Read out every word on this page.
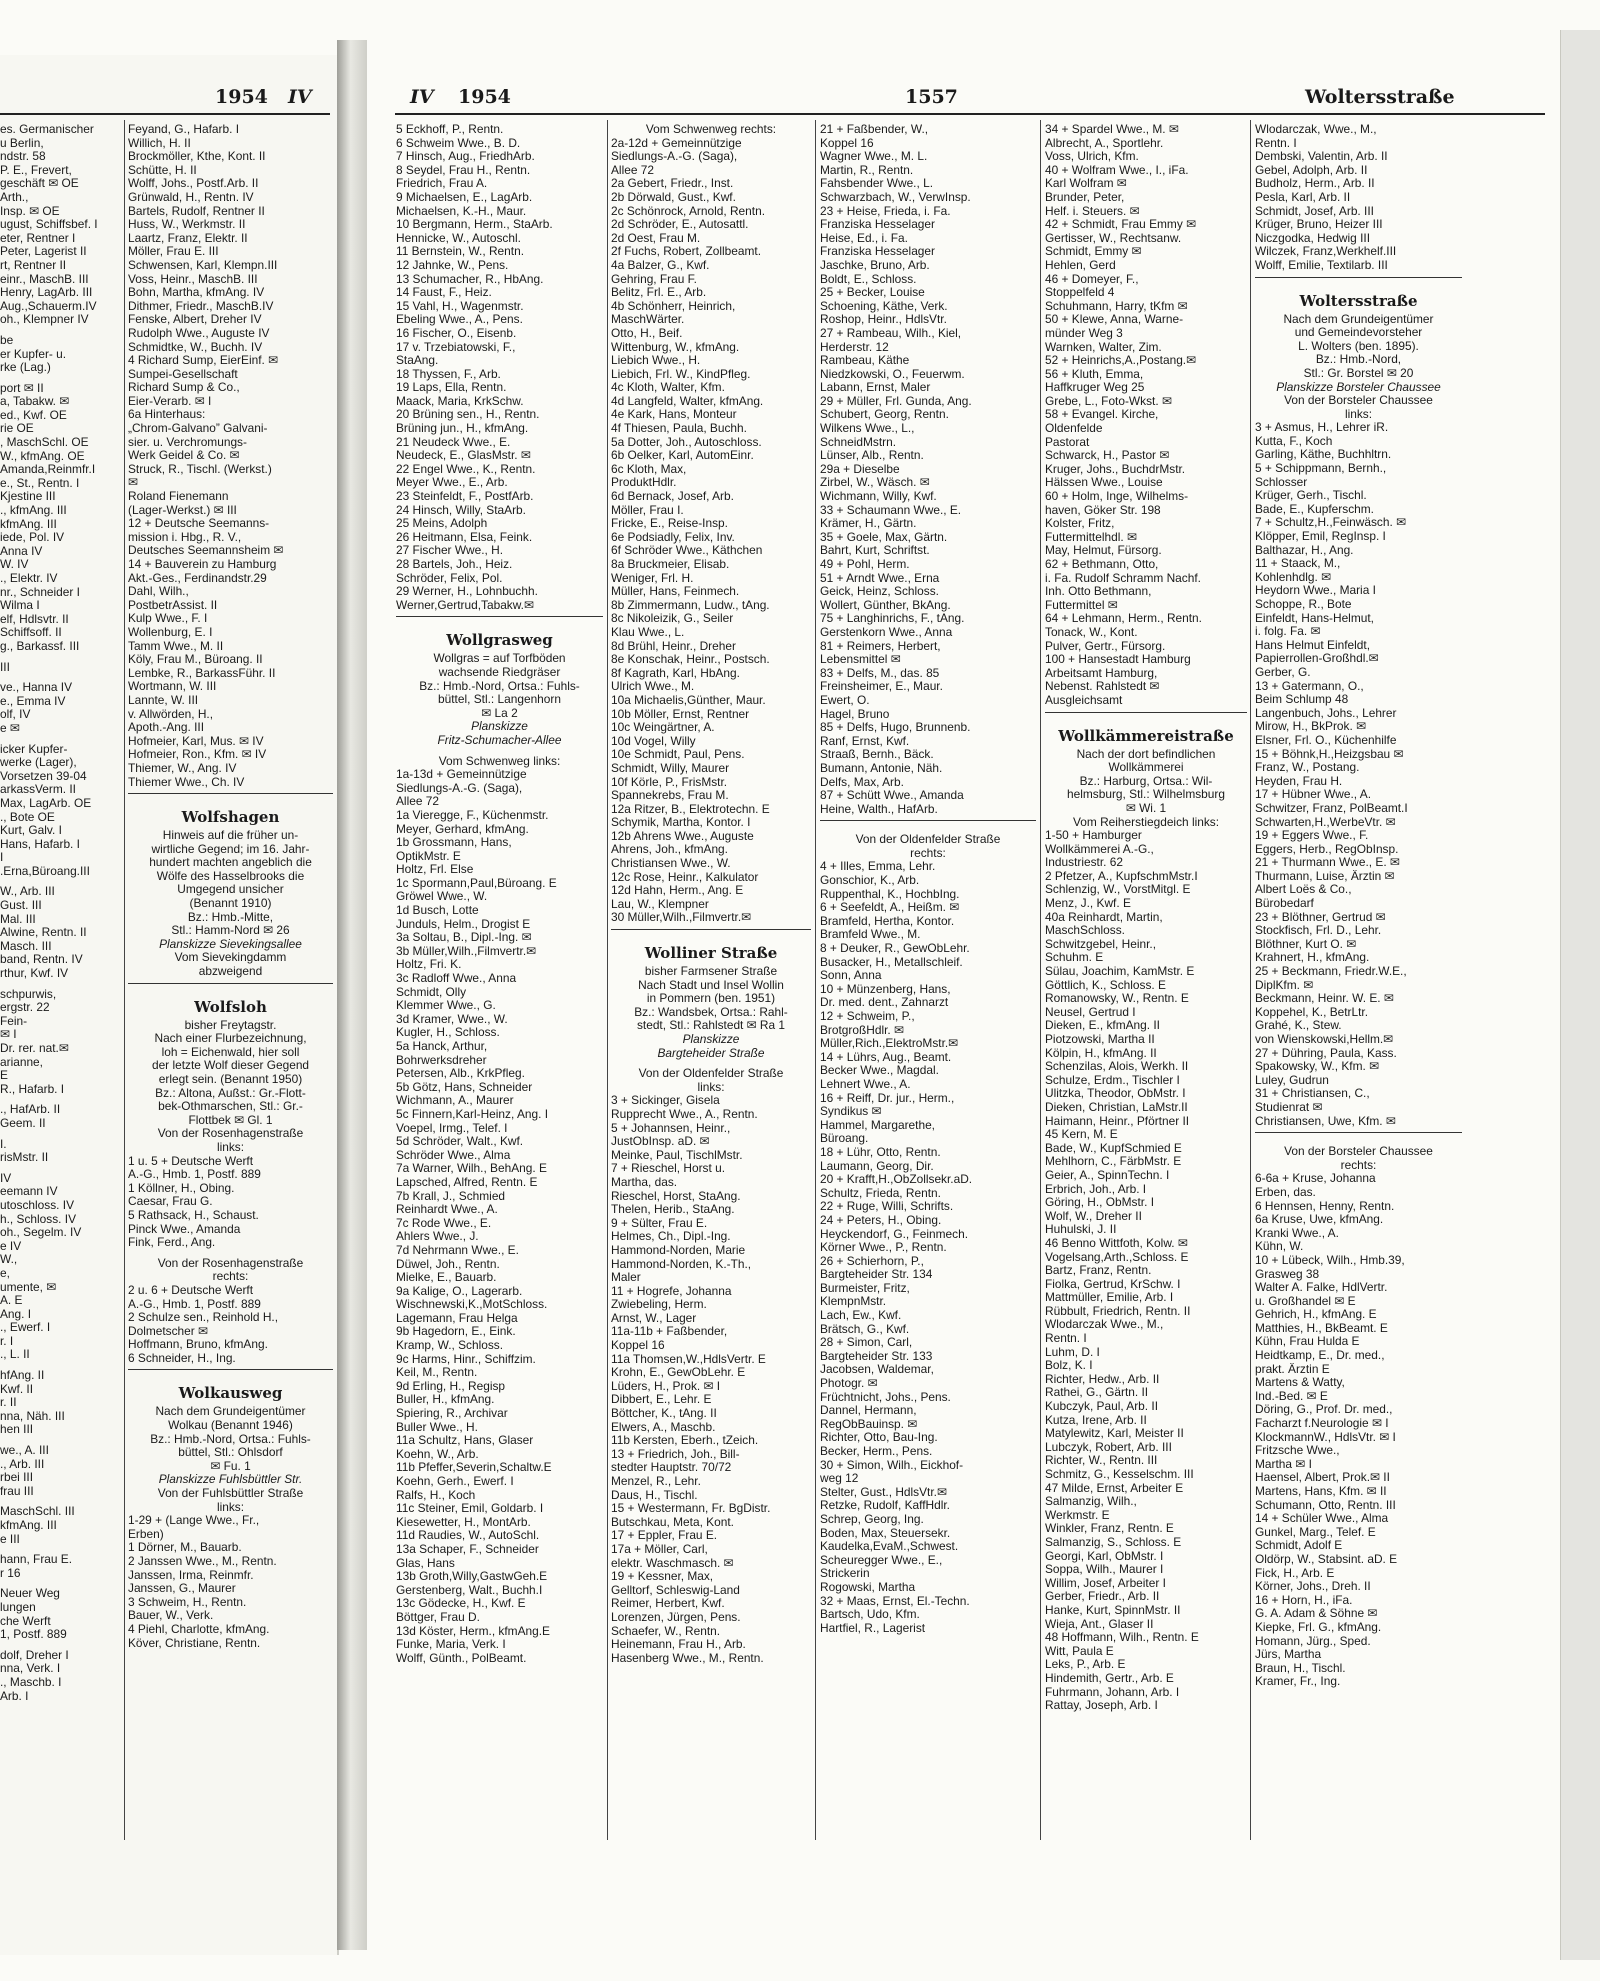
1954 IV	IV 1954	1557	Woltersstraße
es. Germanischer
u Berlin,
ndstr. 58
P. E., Frevert,
geschäft ✉ OE
Arth.,
Insp. ✉ OE
ugust, Schiffsbef. I
eter, Rentner I
Peter, Lagerist II
rt, Rentner II
einr., MaschB. III
Henry, LagArb. III
Aug.,Schauerm.IV
oh., Klempner IV
be
er Kupfer- u.
rke (Lag.)
port ✉ II
a, Tabakw. ✉
ed., Kwf. OE
rie OE
, MaschSchl. OE
W., kfmAng. OE
Amanda,Reinmfr.I
e., St., Rentn. I
Kjestine III
., kfmAng. III
kfmAng. III
iede, Pol. IV
Anna IV
W. IV
., Elektr. IV
nr., Schneider I
Wilma I
elf, Hdlsvtr. II
Schiffsoff. II
g., Barkassf. III
III
ve., Hanna IV
e., Emma IV
olf, IV
e ✉
icker Kupfer-
werke (Lager),
Vorsetzen 39-04
arkassVerm. II
Max, LagArb. OE
., Bote OE
Kurt, Galv. I
Hans, Hafarb. I
I
.Erna,Büroang.III
W., Arb. III
Gust. III
Mal. III
Alwine, Rentn. II
Masch. III
band, Rentn. IV
rthur, Kwf. IV
schpurwis,
ergstr. 22
Fein-
✉ I
Dr. rer. nat.✉
arianne,
E
R., Hafarb. I
., HafArb. II
Geem. II
I.
risMstr. II
IV
eemann IV
utoschloss. IV
h., Schloss. IV
oh., Segelm. IV
e IV
W.,
e,
umente, ✉
A. E
Ang. I
., Ewerf. I
r. I
., L. II
hfAng. II
Kwf. II
r. II
nna, Näh. III
hen III
we., A. III
., Arb. III
rbei III
frau III
MaschSchl. III
kfmAng. III
e III
hann, Frau E.
r 16
Neuer Weg
lungen
che Werft
1, Postf. 889
dolf, Dreher I
nna, Verk. I
., Maschb. I
Arb. I
Feyand, G., Hafarb. I
Willich, H. II
Brockmöller, Kthe, Kont. II
Schütte, H. II
Wolff, Johs., Postf.Arb. II
Grünwald, H., Rentn. IV
Bartels, Rudolf, Rentner II
Huss, W., Werkmstr. II
Laartz, Franz, Elektr. II
Möller, Frau E. III
Schwensen, Karl, Klempn.III
Voss, Heinr., MaschB. III
Bohn, Martha, kfmAng. IV
Dithmer, Friedr., MaschB.IV
Fenske, Albert, Dreher IV
Rudolph Wwe., Auguste IV
Schmidtke, W., Buchh. IV
4 Richard Sump, EierEinf. ✉
Sumpei-Gesellschaft
Richard Sump & Co.,
Eier-Verarb. ✉ I
6a Hinterhaus:
„Chrom-Galvano” Galvani-
sier. u. Verchromungs-
Werk Geidel & Co. ✉
Struck, R., Tischl. (Werkst.)
✉
Roland Fienemann
(Lager-Werkst.) ✉ III
12 + Deutsche Seemanns-
mission i. Hbg., R. V.,
Deutsches Seemannsheim ✉
14 + Bauverein zu Hamburg
Akt.-Ges., Ferdinandstr.29
Dahl, Wilh.,
PostbetrAssist. II
Kulp Wwe., F. I
Wollenburg, E. I
Tamm Wwe., M. II
Köly, Frau M., Büroang. II
Lembke, R., BarkassFühr. II
Wortmann, W. III
Lannte, W. III
v. Allwörden, H.,
Apoth.-Ang. III
Hofmeier, Karl, Mus. ✉ IV
Hofmeier, Ron., Kfm. ✉ IV
Thiemer, W., Ang. IV
Thiemer Wwe., Ch. IV
Wolfshagen
Hinweis auf die früher un-
wirtliche Gegend; im 16. Jahr-
hundert machten angeblich die
Wölfe des Hasselbrooks die
Umgegend unsicher
(Benannt 1910)
Bz.: Hmb.-Mitte,
Stl.: Hamm-Nord ✉ 26
Planskizze Sievekingsallee
Vom Sievekingdamm
abzweigend
Wolfsloh
bisher Freytagstr.
Nach einer Flurbezeichnung,
loh = Eichenwald, hier soll
der letzte Wolf dieser Gegend
erlegt sein. (Benannt 1950)
Bz.: Altona, Außst.: Gr.-Flott-
bek-Othmarschen, Stl.: Gr.-
Flottbek ✉ Gl. 1
Von der Rosenhagenstraße
links:
1 u. 5 + Deutsche Werft
A.-G., Hmb. 1, Postf. 889
1 Köllner, H., Obing.
Caesar, Frau G.
5 Rathsack, H., Schaust.
Pinck Wwe., Amanda
Fink, Ferd., Ang.
Von der Rosenhagenstraße
rechts:
2 u. 6 + Deutsche Werft
A.-G., Hmb. 1, Postf. 889
2 Schulze sen., Reinhold H.,
Dolmetscher ✉
Hoffmann, Bruno, kfmAng.
6 Schneider, H., Ing.
Wolkausweg
Nach dem Grundeigentümer
Wolkau (Benannt 1946)
Bz.: Hmb.-Nord, Ortsa.: Fuhls-
büttel, Stl.: Ohlsdorf
✉ Fu. 1
Planskizze Fuhlsbüttler Str.
Von der Fuhlsbüttler Straße
links:
1-29 + (Lange Wwe., Fr.,
Erben)
1 Dörner, M., Bauarb.
2 Janssen Wwe., M., Rentn.
Janssen, Irma, Reinmfr.
Janssen, G., Maurer
3 Schweim, H., Rentn.
Bauer, W., Verk.
4 Piehl, Charlotte, kfmAng.
Köver, Christiane, Rentn.
5 Eckhoff, P., Rentn.
6 Schweim Wwe., B. D.
7 Hinsch, Aug., FriedhArb.
8 Seydel, Frau H., Rentn.
Friedrich, Frau A.
9 Michaelsen, E., LagArb.
Michaelsen, K.-H., Maur.
10 Bergmann, Herm., StaArb.
Hennicke, W., Autoschl.
11 Bernstein, W., Rentn.
12 Jahnke, W., Pens.
13 Schumacher, R., HbAng.
14 Faust, F., Heiz.
15 Vahl, H., Wagenmstr.
Ebeling Wwe., A., Pens.
16 Fischer, O., Eisenb.
17 v. Trzebiatowski, F.,
StaAng.
18 Thyssen, F., Arb.
19 Laps, Ella, Rentn.
Maack, Maria, KrkSchw.
20 Brüning sen., H., Rentn.
Brüning jun., H., kfmAng.
21 Neudeck Wwe., E.
Neudeck, E., GlasMstr. ✉
22 Engel Wwe., K., Rentn.
Meyer Wwe., E., Arb.
23 Steinfeldt, F., PostfArb.
24 Hinsch, Willy, StaArb.
25 Meins, Adolph
26 Heitmann, Elsa, Feink.
27 Fischer Wwe., H.
28 Bartels, Joh., Heiz.
Schröder, Felix, Pol.
29 Werner, H., Lohnbuchh.
Werner,Gertrud,Tabakw.✉
Wollgrasweg
Wollgras = auf Torfböden
wachsende Riedgräser
Bz.: Hmb.-Nord, Ortsa.: Fuhls-
büttel, Stl.: Langenhorn
✉ La 2
Planskizze
Fritz-Schumacher-Allee
Vom Schwenweg links:
1a-13d + Gemeinnützige
Siedlungs-A.-G. (Saga),
Allee 72
1a Vieregge, F., Küchenmstr.
Meyer, Gerhard, kfmAng.
1b Grossmann, Hans,
OptikMstr. E
Holtz, Frl. Else
1c Spormann,Paul,Büroang. E
Gröwel Wwe., W.
1d Busch, Lotte
Junduls, Helm., Drogist E
3a Soltau, B., Dipl.-Ing. ✉
3b Müller,Wilh.,Filmvertr.✉
Holtz, Fri. K.
3c Radloff Wwe., Anna
Schmidt, Olly
Klemmer Wwe., G.
3d Kramer, Wwe., W.
Kugler, H., Schloss.
5a Hanck, Arthur,
Bohrwerksdreher
Petersen, Alb., KrkPfleg.
5b Götz, Hans, Schneider
Wichmann, A., Maurer
5c Finnern,Karl-Heinz, Ang. I
Voepel, Irmg., Telef. I
5d Schröder, Walt., Kwf.
Schröder Wwe., Alma
7a Warner, Wilh., BehAng. E
Lapsched, Alfred, Rentn. E
7b Krall, J., Schmied
Reinhardt Wwe., A.
7c Rode Wwe., E.
Ahlers Wwe., J.
7d Nehrmann Wwe., E.
Düwel, Joh., Rentn.
Mielke, E., Bauarb.
9a Kalige, O., Lagerarb.
Wischnewski,K.,MotSchloss.
Lagemann, Frau Helga
9b Hagedorn, E., Eink.
Kramp, W., Schloss.
9c Harms, Hinr., Schiffzim.
Keil, M., Rentn.
9d Erling, H., Regisp
Buller, H., kfmAng.
Spiering, R., Archivar
Buller Wwe., H.
11a Schultz, Hans, Glaser
Koehn, W., Arb.
11b Pfeffer,Severin,Schaltw.E
Koehn, Gerh., Ewerf. I
Ralfs, H., Koch
11c Steiner, Emil, Goldarb. I
Kiesewetter, H., MontArb.
11d Raudies, W., AutoSchl.
13a Schaper, F., Schneider
Glas, Hans
13b Groth,Willy,GastwGeh.E
Gerstenberg, Walt., Buchh.I
13c Gödecke, H., Kwf. E
Böttger, Frau D.
13d Köster, Herm., kfmAng.E
Funke, Maria, Verk. I
Wolff, Günth., PolBeamt.
Vom Schwenweg rechts:
2a-12d + Gemeinnützige
Siedlungs-A.-G. (Saga),
Allee 72
2a Gebert, Friedr., Inst.
2b Dörwald, Gust., Kwf.
2c Schönrock, Arnold, Rentn.
2d Schröder, E., Autosattl.
2d Oest, Frau M.
2f Fuchs, Robert, Zollbeamt.
4a Balzer, G., Kwf.
Gehring, Frau F.
Belitz, Frl. E., Arb.
4b Schönherr, Heinrich,
MaschWärter.
Otto, H., Beif.
Wittenburg, W., kfmAng.
Liebich Wwe., H.
Liebich, Frl. W., KindPfleg.
4c Kloth, Walter, Kfm.
4d Langfeld, Walter, kfmAng.
4e Kark, Hans, Monteur
4f Thiesen, Paula, Buchh.
5a Dotter, Joh., Autoschloss.
6b Oelker, Karl, AutomEinr.
6c Kloth, Max,
ProduktHdlr.
6d Bernack, Josef, Arb.
Möller, Frau I.
Fricke, E., Reise-Insp.
6e Podsiadly, Felix, Inv.
6f Schröder Wwe., Käthchen
8a Bruckmeier, Elisab.
Weniger, Frl. H.
Müller, Hans, Feinmech.
8b Zimmermann, Ludw., tAng.
8c Nikoleizik, G., Seiler
Klau Wwe., L.
8d Brühl, Heinr., Dreher
8e Konschak, Heinr., Postsch.
8f Kagrath, Karl, HbAng.
Ulrich Wwe., M.
10a Michaelis,Günther, Maur.
10b Möller, Ernst, Rentner
10c Weingärtner, A.
10d Vogel, Willy
10e Schmidt, Paul, Pens.
Schmidt, Willy, Maurer
10f Körle, P., FrisMstr.
Spannekrebs, Frau M.
12a Ritzer, B., Elektrotechn. E
Schymik, Martha, Kontor. I
12b Ahrens Wwe., Auguste
Ahrens, Joh., kfmAng.
Christiansen Wwe., W.
12c Rose, Heinr., Kalkulator
12d Hahn, Herm., Ang. E
Lau, W., Klempner
30 Müller,Wilh.,Filmvertr.✉
Wolliner Straße
bisher Farmsener Straße
Nach Stadt und Insel Wollin
in Pommern (ben. 1951)
Bz.: Wandsbek, Ortsa.: Rahl-
stedt, Stl.: Rahlstedt ✉ Ra 1
Planskizze
Bargteheider Straße
Von der Oldenfelder Straße
links:
3 + Sickinger, Gisela
Rupprecht Wwe., A., Rentn.
5 + Johannsen, Heinr.,
JustObInsp. aD. ✉
Meinke, Paul, TischlMstr.
7 + Rieschel, Horst u.
Martha, das.
Rieschel, Horst, StaAng.
Thelen, Herib., StaAng.
9 + Sülter, Frau E.
Helmes, Ch., Dipl.-Ing.
Hammond-Norden, Marie
Hammond-Norden, K.-Th.,
Maler
11 + Hogrefe, Johanna
Zwiebeling, Herm.
Arnst, W., Lager
11a-11b + Faßbender,
Koppel 16
11a Thomsen,W.,HdlsVertr. E
Krohn, E., GewObLehr. E
Lüders, H., Prok. ✉ I
Dibbert, E., Lehr. E
Böttcher, K., tAng. II
Elwers, A., Maschb.
11b Kersten, Eberh., tZeich.
13 + Friedrich, Joh., Bill-
stedter Hauptstr. 70/72
Menzel, R., Lehr.
Daus, H., Tischl.
15 + Westermann, Fr. BgDistr.
Butschkau, Meta, Kont.
17 + Eppler, Frau E.
17a + Möller, Carl,
elektr. Waschmasch. ✉
19 + Kessner, Max,
Gelltorf, Schleswig-Land
Reimer, Herbert, Kwf.
Lorenzen, Jürgen, Pens.
Schaefer, W., Rentn.
Heinemann, Frau H., Arb.
Hasenberg Wwe., M., Rentn.
21 + Faßbender, W.,
Koppel 16
Wagner Wwe., M. L.
Martin, R., Rentn.
Fahsbender Wwe., L.
Schwarzbach, W., VerwInsp.
23 + Heise, Frieda, i. Fa.
Franziska Hesselager
Heise, Ed., i. Fa.
Franziska Hesselager
Jaschke, Bruno, Arb.
Boldt, E., Schloss.
25 + Becker, Louise
Schoening, Käthe, Verk.
Roshop, Heinr., HdlsVtr.
27 + Rambeau, Wilh., Kiel,
Herderstr. 12
Rambeau, Käthe
Niedzkowski, O., Feuerwm.
Labann, Ernst, Maler
29 + Müller, Frl. Gunda, Ang.
Schubert, Georg, Rentn.
Wilkens Wwe., L.,
SchneidMstrn.
Lünser, Alb., Rentn.
29a + Dieselbe
Zirbel, W., Wäsch. ✉
Wichmann, Willy, Kwf.
33 + Schaumann Wwe., E.
Krämer, H., Gärtn.
35 + Goele, Max, Gärtn.
Bahrt, Kurt, Schriftst.
49 + Pohl, Herm.
51 + Arndt Wwe., Erna
Geick, Heinz, Schloss.
Wollert, Günther, BkAng.
75 + Langhinrichs, F., tAng.
Gerstenkorn Wwe., Anna
81 + Reimers, Herbert,
Lebensmittel ✉
83 + Delfs, M., das. 85
Freinsheimer, E., Maur.
Ewert, O.
Hagel, Bruno
85 + Delfs, Hugo, Brunnenb.
Ranf, Ernst, Kwf.
Straaß, Bernh., Bäck.
Bumann, Antonie, Näh.
Delfs, Max, Arb.
87 + Schütt Wwe., Amanda
Heine, Walth., HafArb.
Von der Oldenfelder Straße
rechts:
4 + Illes, Emma, Lehr.
Gonschior, K., Arb.
Ruppenthal, K., HochbIng.
6 + Seefeldt, A., Heißm. ✉
Bramfeld, Hertha, Kontor.
Bramfeld Wwe., M.
8 + Deuker, R., GewObLehr.
Busacker, H., Metallschleif.
Sonn, Anna
10 + Münzenberg, Hans,
Dr. med. dent., Zahnarzt
12 + Schweim, P.,
BrotgroßHdlr. ✉
Müller,Rich.,ElektroMstr.✉
14 + Lührs, Aug., Beamt.
Becker Wwe., Magdal.
Lehnert Wwe., A.
16 + Reiff, Dr. jur., Herm.,
Syndikus ✉
Hammel, Margarethe,
Büroang.
18 + Lühr, Otto, Rentn.
Laumann, Georg, Dir.
20 + Krafft,H.,ObZollsekr.aD.
Schultz, Frieda, Rentn.
22 + Ruge, Willi, Schrifts.
24 + Peters, H., Obing.
Heyckendorf, G., Feinmech.
Körner Wwe., P., Rentn.
26 + Schierhorn, P.,
Bargteheider Str. 134
Burmeister, Fritz,
KlempnMstr.
Lach, Ew., Kwf.
Brätsch, G., Kwf.
28 + Simon, Carl,
Bargteheider Str. 133
Jacobsen, Waldemar,
Photogr. ✉
Früchtnicht, Johs., Pens.
Dannel, Hermann,
RegObBauinsp. ✉
Richter, Otto, Bau-Ing.
Becker, Herm., Pens.
30 + Simon, Wilh., Eickhof-
weg 12
Stelter, Gust., HdlsVtr.✉
Retzke, Rudolf, KaffHdlr.
Schrep, Georg, Ing.
Boden, Max, Steuersekr.
Kaudelka,EvaM.,Schwest.
Scheuregger Wwe., E.,
Strickerin
Rogowski, Martha
32 + Maas, Ernst, El.-Techn.
Bartsch, Udo, Kfm.
Hartfiel, R., Lagerist
34 + Spardel Wwe., M. ✉
Albrecht, A., Sportlehr.
Voss, Ulrich, Kfm.
40 + Wolfram Wwe., I., iFa.
Karl Wolfram ✉
Brunder, Peter,
Helf. i. Steuers. ✉
42 + Schmidt, Frau Emmy ✉
Gertisser, W., Rechtsanw.
Schmidt, Emmy ✉
Hehlen, Gerd
46 + Domeyer, F.,
Stoppelfeld 4
Schuhmann, Harry, tKfm ✉
50 + Klewe, Anna, Warne-
münder Weg 3
Warnken, Walter, Zim.
52 + Heinrichs,A.,Postang.✉
56 + Kluth, Emma,
Haffkruger Weg 25
Grebe, L., Foto-Wkst. ✉
58 + Evangel. Kirche,
Oldenfelde
Pastorat
Schwarck, H., Pastor ✉
Kruger, Johs., BuchdrMstr.
Hälssen Wwe., Louise
60 + Holm, Inge, Wilhelms-
haven, Göker Str. 198
Kolster, Fritz,
Futtermittelhdl. ✉
May, Helmut, Fürsorg.
62 + Bethmann, Otto,
i. Fa. Rudolf Schramm Nachf.
Inh. Otto Bethmann,
Futtermittel ✉
64 + Lehmann, Herm., Rentn.
Tonack, W., Kont.
Pulver, Gertr., Fürsorg.
100 + Hansestadt Hamburg
Arbeitsamt Hamburg,
Nebenst. Rahlstedt ✉
Ausgleichsamt
Wollkämmereistraße
Nach der dort befindlichen
Wollkämmerei
Bz.: Harburg, Ortsa.: Wil-
helmsburg, Stl.: Wilhelmsburg
✉ Wi. 1
Vom Reiherstiegdeich links:
1-50 + Hamburger
Wollkämmerei A.-G.,
Industriestr. 62
2 Pfetzer, A., KupfschmMstr.I
Schlenzig, W., VorstMitgl. E
Menz, J., Kwf. E
40a Reinhardt, Martin,
MaschSchloss.
Schwitzgebel, Heinr.,
Schuhm. E
Sülau, Joachim, KamMstr. E
Göttlich, K., Schloss. E
Romanowsky, W., Rentn. E
Neusel, Gertrud I
Dieken, E., kfmAng. II
Piotzowski, Martha II
Kölpin, H., kfmAng. II
Schenzilas, Alois, Werkh. II
Schulze, Erdm., Tischler I
Ulitzka, Theodor, ObMstr. I
Dieken, Christian, LaMstr.II
Haimann, Heinr., Pförtner II
45 Kern, M. E
Bade, W., KupfSchmied E
Mehlhorn, C., FärbMstr. E
Geier, A., SpinnTechn. I
Erbrich, Joh., Arb. I
Göring, H., ObMstr. I
Wolf, W., Dreher II
Huhulski, J. II
46 Benno Wittfoth, Kolw. ✉
Vogelsang,Arth.,Schloss. E
Bartz, Franz, Rentn.
Fiolka, Gertrud, KrSchw. I
Mattmüller, Emilie, Arb. I
Rübbult, Friedrich, Rentn. II
Wlodarczak Wwe., M.,
Rentn. I
Luhm, D. I
Bolz, K. I
Richter, Hedw., Arb. II
Rathei, G., Gärtn. II
Kubczyk, Paul, Arb. II
Kutza, Irene, Arb. II
Matylewitz, Karl, Meister II
Lubczyk, Robert, Arb. III
Richter, W., Rentn. III
Schmitz, G., Kesselschm. III
47 Milde, Ernst, Arbeiter E
Salmanzig, Wilh.,
Werkmstr. E
Winkler, Franz, Rentn. E
Salmanzig, S., Schloss. E
Georgi, Karl, ObMstr. I
Soppa, Wilh., Maurer I
Willim, Josef, Arbeiter I
Gerber, Friedr., Arb. II
Hanke, Kurt, SpinnMstr. II
Wieja, Ant., Glaser II
48 Hoffmann, Wilh., Rentn. E
Witt, Paula E
Leks, P., Arb. E
Hindemith, Gertr., Arb. E
Fuhrmann, Johann, Arb. I
Rattay, Joseph, Arb. I
Wlodarczak, Wwe., M.,
Rentn. I
Dembski, Valentin, Arb. II
Gebel, Adolph, Arb. II
Budholz, Herm., Arb. II
Pesla, Karl, Arb. II
Schmidt, Josef, Arb. III
Krüger, Bruno, Heizer III
Niczgodka, Hedwig III
Wilczek, Franz,Werkhelf.III
Wolff, Emilie, Textilarb. III
Woltersstraße
Nach dem Grundeigentümer
und Gemeindevorsteher
L. Wolters (ben. 1895).
Bz.: Hmb.-Nord,
Stl.: Gr. Borstel ✉ 20
Planskizze Borsteler Chaussee
Von der Borsteler Chaussee
links:
3 + Asmus, H., Lehrer iR.
Kutta, F., Koch
Garling, Käthe, Buchhltrn.
5 + Schippmann, Bernh.,
Schlosser
Krüger, Gerh., Tischl.
Bade, E., Kupferschm.
7 + Schultz,H.,Feinwäsch. ✉
Klöpper, Emil, RegInsp. I
Balthazar, H., Ang.
11 + Staack, M.,
Kohlenhdlg. ✉
Heydorn Wwe., Maria I
Schoppe, R., Bote
Einfeldt, Hans-Helmut,
i. folg. Fa. ✉
Hans Helmut Einfeldt,
Papierrollen-Großhdl.✉
Gerber, G.
13 + Gatermann, O.,
Beim Schlump 48
Langenbuch, Johs., Lehrer
Mirow, H., BkProk. ✉
Elsner, Frl. O., Küchenhilfe
15 + Böhnk,H.,Heizgsbau ✉
Franz, W., Postang.
Heyden, Frau H.
17 + Hübner Wwe., A.
Schwitzer, Franz, PolBeamt.I
Schwarten,H.,WerbeVtr. ✉
19 + Eggers Wwe., F.
Eggers, Herb., RegObInsp.
21 + Thurmann Wwe., E. ✉
Thurmann, Luise, Ärztin ✉
Albert Loës & Co.,
Bürobedarf
23 + Blöthner, Gertrud ✉
Stockfisch, Frl. D., Lehr.
Blöthner, Kurt O. ✉
Krahnert, H., kfmAng.
25 + Beckmann, Friedr.W.E.,
DiplKfm. ✉
Beckmann, Heinr. W. E. ✉
Koppehel, K., BetrLtr.
Grahé, K., Stew.
von Wienskowski,Hellm.✉
27 + Dühring, Paula, Kass.
Spakowsky, W., Kfm. ✉
Luley, Gudrun
31 + Christiansen, C.,
Studienrat ✉
Christiansen, Uwe, Kfm. ✉
Von der Borsteler Chaussee
rechts:
6-6a + Kruse, Johanna
Erben, das.
6 Hennsen, Henny, Rentn.
6a Kruse, Uwe, kfmAng.
Kranki Wwe., A.
Kühn, W.
10 + Lübeck, Wilh., Hmb.39,
Grasweg 38
Walter A. Falke, HdlVertr.
u. Großhandel ✉ E
Gehrich, H., kfmAng. E
Matthies, H., BkBeamt. E
Kühn, Frau Hulda E
Heidtkamp, E., Dr. med.,
prakt. Ärztin E
Martens & Watty,
Ind.-Bed. ✉ E
Döring, G., Prof. Dr. med.,
Facharzt f.Neurologie ✉ I
KlockmannW., HdlsVtr. ✉ I
Fritzsche Wwe.,
Martha ✉ I
Haensel, Albert, Prok.✉ II
Martens, Hans, Kfm. ✉ II
Schumann, Otto, Rentn. III
14 + Schüler Wwe., Alma
Gunkel, Marg., Telef. E
Schmidt, Adolf E
Oldörp, W., Stabsint. aD. E
Fick, H., Arb. E
Körner, Johs., Dreh. II
16 + Horn, H., iFa.
G. A. Adam & Söhne ✉
Kiepke, Frl. G., kfmAng.
Homann, Jürg., Sped.
Jürs, Martha
Braun, H., Tischl.
Kramer, Fr., Ing.
